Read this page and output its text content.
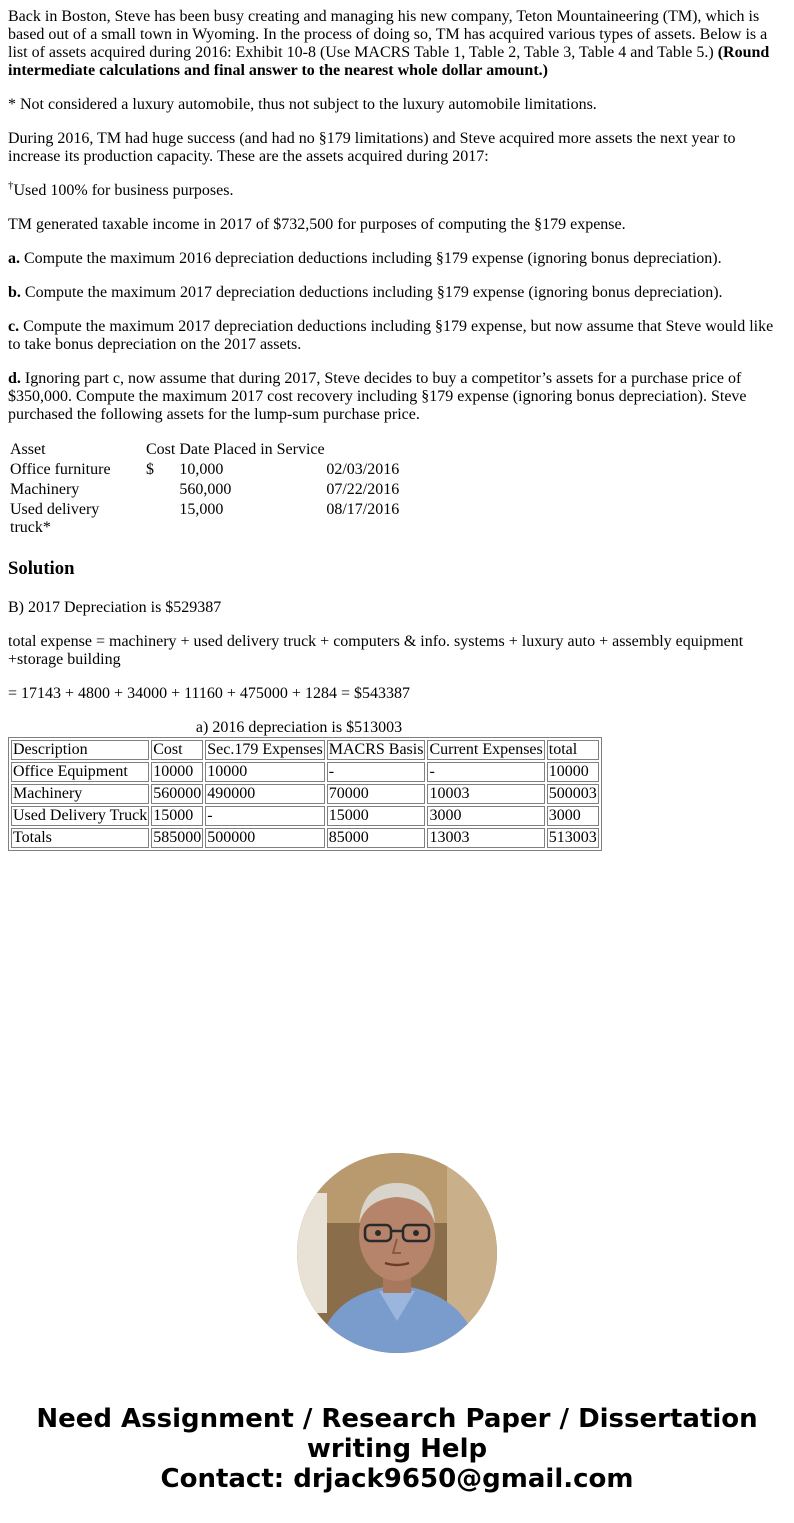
Back in Boston, Steve has been busy creating and managing his new company, Teton Mountaineering (TM), which is based out of a small town in Wyoming. In the process of doing so, TM has acquired various types of assets. Below is a list of assets acquired during 2016: Exhibit 10-8 (Use MACRS Table 1, Table 2, Table 3, Table 4 and Table 5.) (Round intermediate calculations and final answer to the nearest whole dollar amount.)

* Not considered a luxury automobile, thus not subject to the luxury automobile limitations.

During 2016, TM had huge success (and had no §179 limitations) and Steve acquired more assets the next year to increase its production capacity. These are the assets acquired during 2017:

†Used 100% for business purposes.

TM generated taxable income in 2017 of $732,500 for purposes of computing the §179 expense.

a. Compute the maximum 2016 depreciation deductions including §179 expense (ignoring bonus depreciation).

b. Compute the maximum 2017 depreciation deductions including §179 expense (ignoring bonus depreciation).

c. Compute the maximum 2017 depreciation deductions including §179 expense, but now assume that Steve would like to take bonus depreciation on the 2017 assets.

d. Ignoring part c, now assume that during 2017, Steve decides to buy a competitor’s assets for a purchase price of $350,000. Compute the maximum 2017 cost recovery including §179 expense (ignoring bonus depreciation). Steve purchased the following assets for the lump-sum purchase price.

Asset	Cost	Date Placed in Service	
Office furniture	$	10,000	02/03/2016
Machinery		560,000	07/22/2016
Used delivery truck*		15,000	08/17/2016
Solution

B) 2017 Depreciation is $529387

total expense = machinery + used delivery truck + computers & info. systems + luxury auto + assembly equipment +storage building

= 17143 + 4800 + 34000 + 11160 + 475000 + 1284 = $543387

a) 2016 depreciation is $513003

Description	Cost	Sec.179 Expenses	MACRS Basis	Current Expenses	total
Office Equipment	10000	10000	-	-	10000
Machinery	560000	490000	70000	10003	500003
Used Delivery Truck	15000	-	15000	3000	3000
Totals	585000	500000	85000	13003	513003
Need Assignment / Research Paper / Dissertation
writing Help
Contact: drjack9650@gmail.com
